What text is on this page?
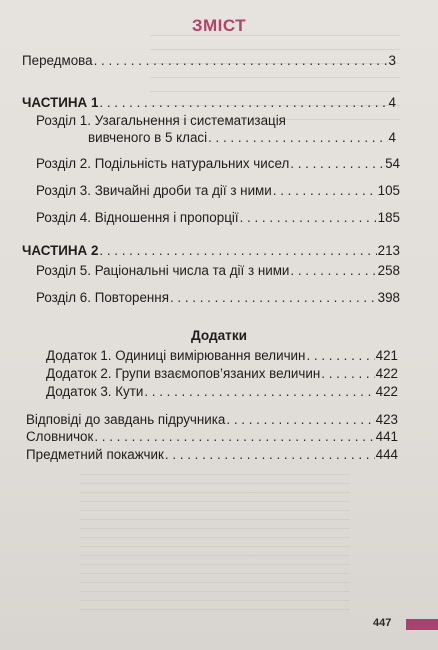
ЗМІСТ
Передмова . . .	3
ЧАСТИНА 1 . . .	4
Розділ 1. Узагальнення і систематизація
вивченого в 5 класі . . .	4
Розділ 2. Подільність натуральних чисел . . .	54
Розділ 3. Звичайні дроби та дії з ними . . .	105
Розділ 4. Відношення і пропорції . . .	185
ЧАСТИНА 2 . . .	213
Розділ 5. Раціональні числа та дії з ними . . .	258
Розділ 6. Повторення . . .	398
Додатки
Додаток 1. Одиниці вимірювання величин . . .	421
Додаток 2. Групи взаємопов’язаних величин . . .	422
Додаток 3. Кути . . .	422
Відповіді до завдань підручника . . .	423
Словничок . . .	441
Предметний покажчик . . .	444
447
